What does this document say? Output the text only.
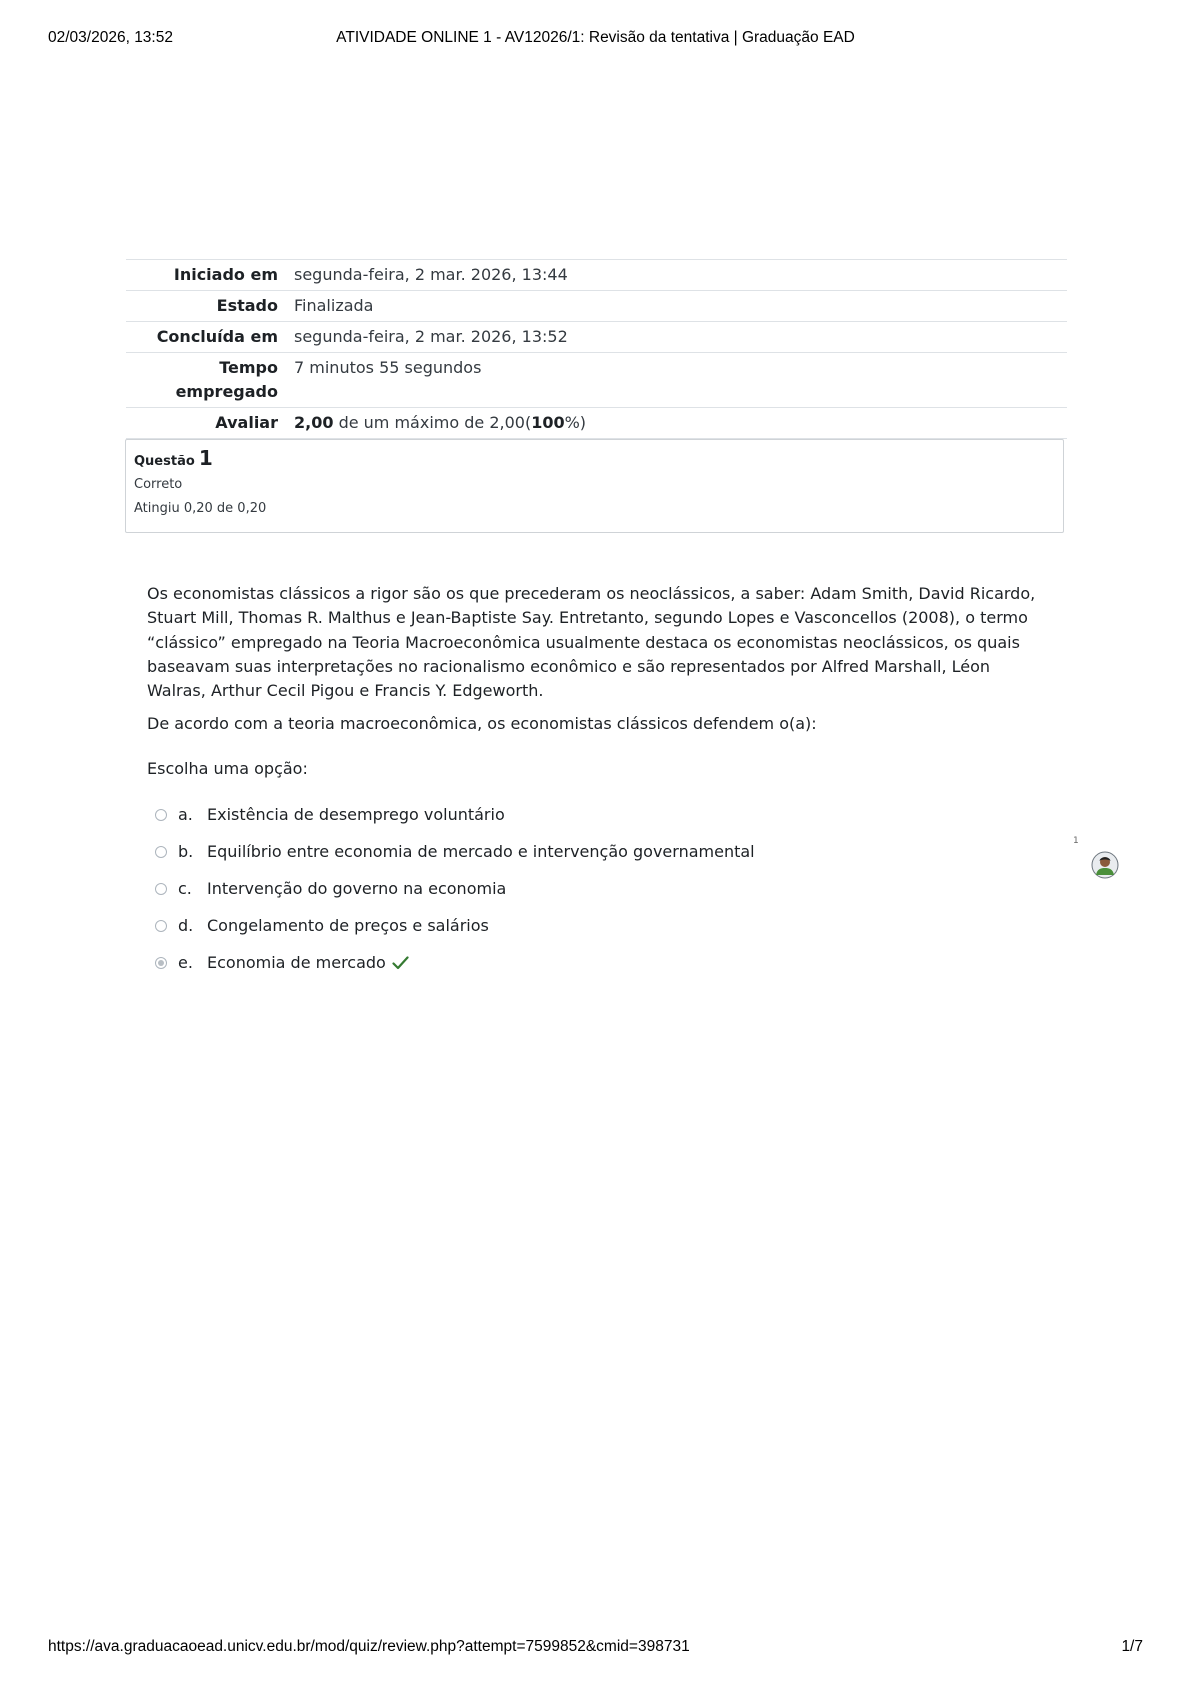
02/03/2026, 13:52	ATIVIDADE ONLINE 1 - AV12026/1: Revisão da tentativa | Graduação EAD
Iniciado em	segunda-feira, 2 mar. 2026, 13:44
Estado	Finalizada
Concluída em	segunda-feira, 2 mar. 2026, 13:52
Tempo
empregado	7 minutos 55 segundos
Avaliar	2,00 de um máximo de 2,00(100%)
Questão 1
Correto
Atingiu 0,20 de 0,20

Os economistas clássicos a rigor são os que precederam os neoclássicos, a saber: Adam Smith, David Ricardo, Stuart Mill, Thomas R. Malthus e Jean-Baptiste Say. Entretanto, segundo Lopes e Vasconcellos (2008), o termo “clássico” empregado na Teoria Macroeconômica usualmente destaca os economistas neoclássicos, os quais baseavam suas interpretações no racionalismo econômico e são representados por Alfred Marshall, Léon Walras, Arthur Cecil Pigou e Francis Y. Edgeworth.

De acordo com a teoria macroeconômica, os economistas clássicos defendem o(a):

Escolha uma opção:
a. Existência de desemprego voluntário
b. Equilíbrio entre economia de mercado e intervenção governamental
c. Intervenção do governo na economia
d. Congelamento de preços e salários
e. Economia de mercado
1
https://ava.graduacaoead.unicv.edu.br/mod/quiz/review.php?attempt=7599852&cmid=398731	1/7
